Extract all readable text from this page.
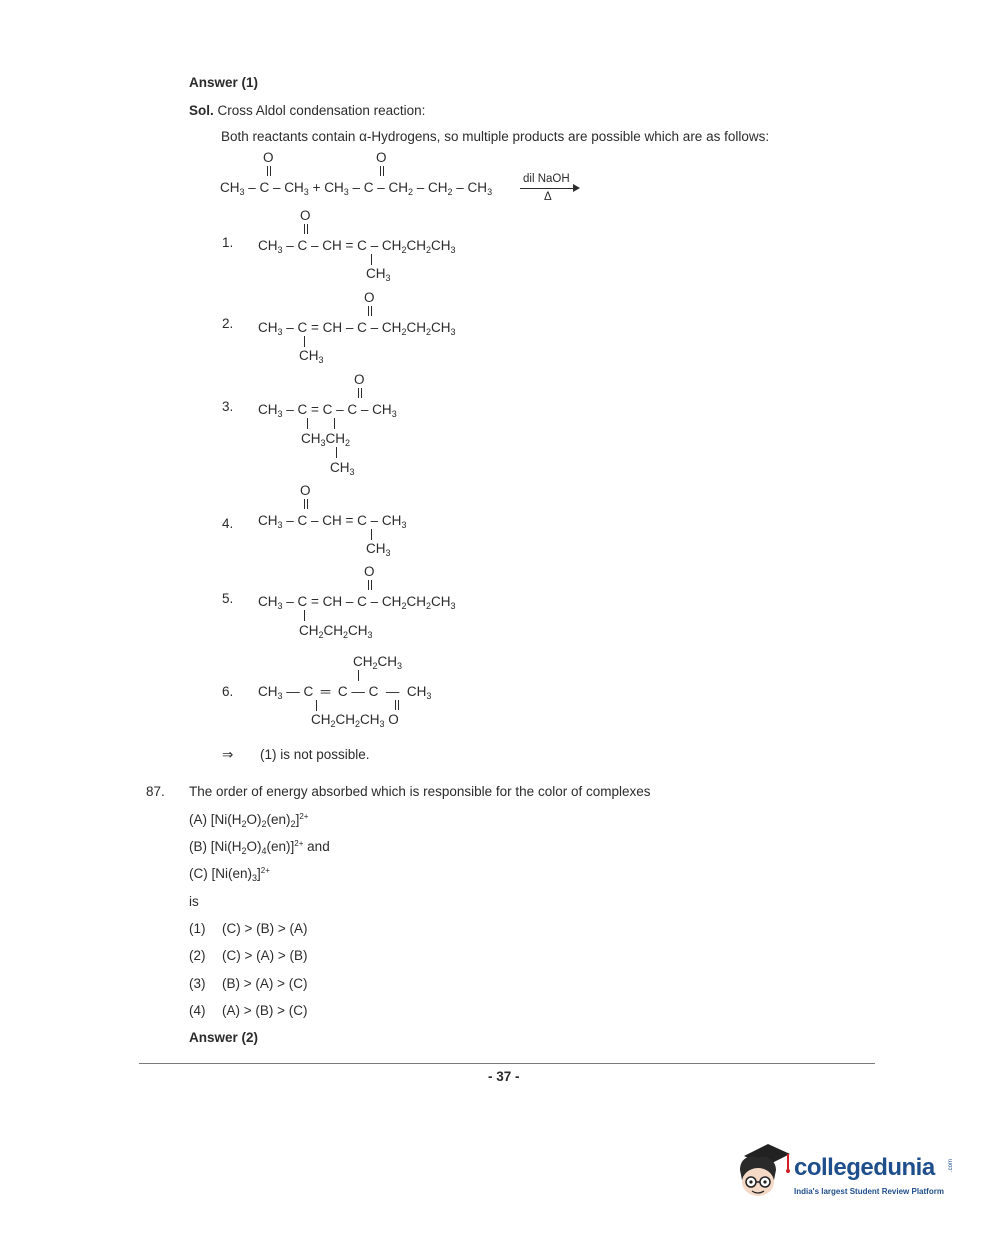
Answer (1)
Sol. Cross Aldol condensation reaction:
Both reactants contain α-Hydrogens, so multiple products are possible which are as follows:
O	O
$CH_3 - C - CH_3 + CH_3 - C - CH_2 - CH_2 - CH_3$
dil NaOH
Δ
1.
O
$CH_3$ – C – CH = C – $CH_2CH_2CH_3$
$CH_3$
2.
O
$CH_3$ – C = CH – C – $CH_2CH_2CH_3$
$CH_3$
3.
O
$CH_3 - C = C - C - CH_3$
$CH_3CH_2$
$CH_3$
4.
O
$CH_3$ – C – CH = C – $CH_3$
$CH_3$
5.
O
$CH_3$ – C = CH – C – $CH_2CH_2CH_3$
$CH_2CH_2CH_3$
6.
$CH_2CH_3$
$CH_3$ — C  ═  C — C  —  $CH_3$
$CH_2CH_2CH_3$ O
⇒ (1) is not possible.
87. The order of energy absorbed which is responsible for the color of complexes
(A) $[Ni(H_2O)_2(en)_2]^{2+}$
(B) $[Ni(H_2O)_4(en)]^{2+}$ and
(C) $[Ni(en)_3]^{2+}$
is
(1) (C) > (B) > (A)
(2) (C) > (A) > (B)
(3) (B) > (A) > (C)
(4) (A) > (B) > (C)
Answer (2)
- 37 -
collegedunia .com
India's largest Student Review Platform
